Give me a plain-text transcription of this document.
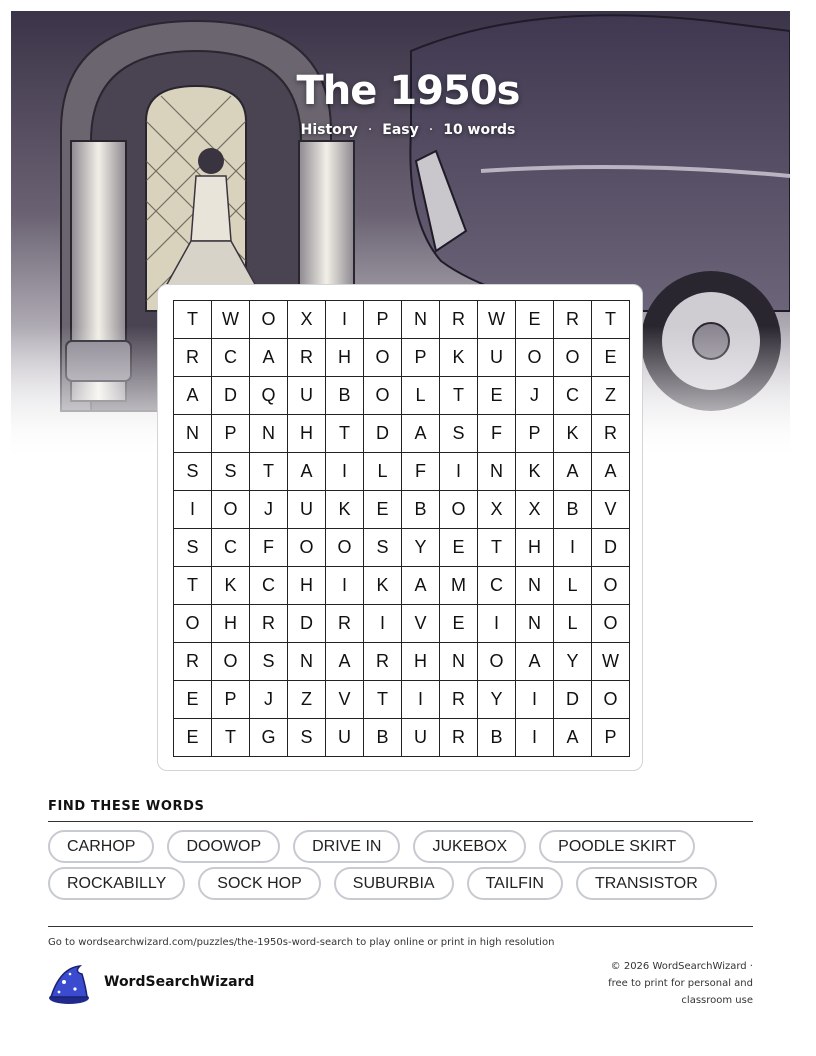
The 1950s
History · Easy · 10 words
T	W	O	X	I	P	N	R	W	E	R	T
R	C	A	R	H	O	P	K	U	O	O	E
A	D	Q	U	B	O	L	T	E	J	C	Z
N	P	N	H	T	D	A	S	F	P	K	R
S	S	T	A	I	L	F	I	N	K	A	A
I	O	J	U	K	E	B	O	X	X	B	V
S	C	F	O	O	S	Y	E	T	H	I	D
T	K	C	H	I	K	A	M	C	N	L	O
O	H	R	D	R	I	V	E	I	N	L	O
R	O	S	N	A	R	H	N	O	A	Y	W
E	P	J	Z	V	T	I	R	Y	I	D	O
E	T	G	S	U	B	U	R	B	I	A	P
FIND THESE WORDS
CARHOP	DOOWOP	DRIVE IN	JUKEBOX	POODLE SKIRT
ROCKABILLY	SOCK HOP	SUBURBIA	TAILFIN	TRANSISTOR
Go to wordsearchwizard.com/puzzles/the-1950s-word-search to play online or print in high resolution
WordSearchWizard
© 2026 WordSearchWizard ·
free to print for personal and
classroom use
